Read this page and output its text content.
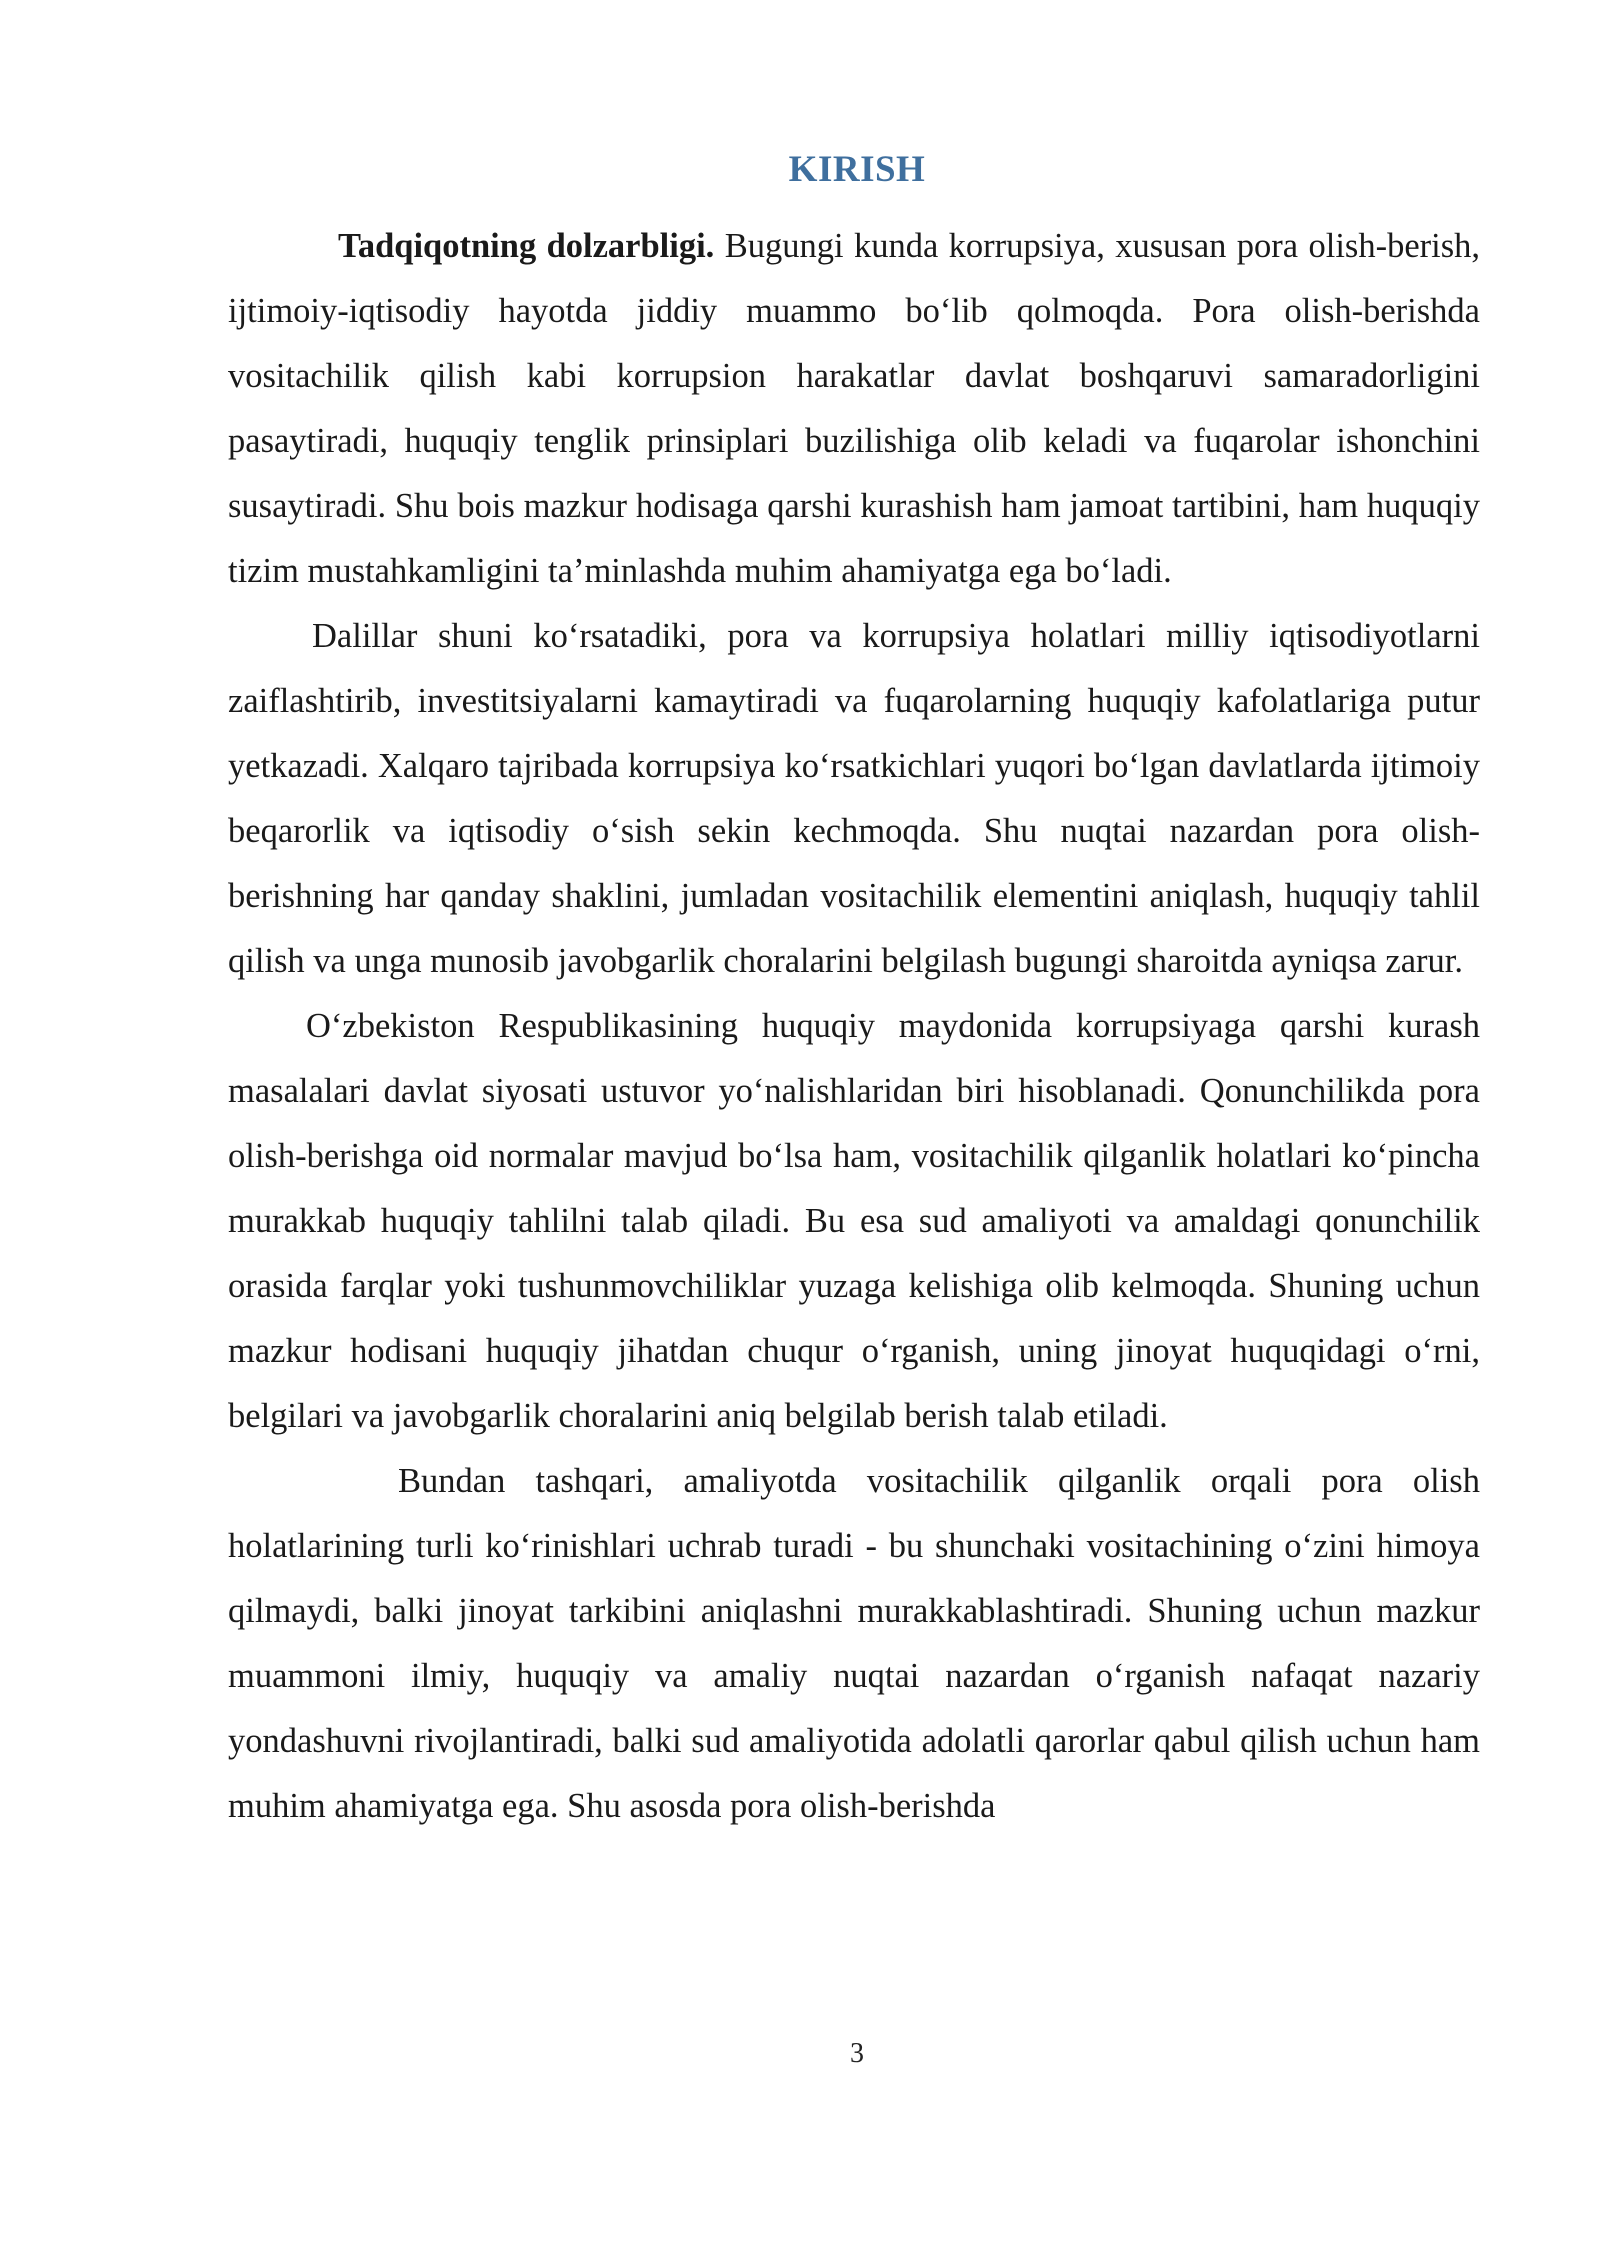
KIRISH

Tadqiqotning dolzarbligi. Bugungi kunda korrupsiya, xususan pora olish-berish, ijtimoiy-iqtisodiy hayotda jiddiy muammo bo‘lib qolmoqda. Pora olish-berishda vositachilik qilish kabi korrupsion harakatlar davlat boshqaruvi samaradorligini pasaytiradi, huquqiy tenglik prinsiplari buzilishiga olib keladi va fuqarolar ishonchini susaytiradi. Shu bois mazkur hodisaga qarshi kurashish ham jamoat tartibini, ham huquqiy tizim mustahkamligini ta’minlashda muhim ahamiyatga ega bo‘ladi.

Dalillar shuni ko‘rsatadiki, pora va korrupsiya holatlari milliy iqtisodiyotlarni zaiflashtirib, investitsiyalarni kamaytiradi va fuqarolarning huquqiy kafolatlariga putur yetkazadi. Xalqaro tajribada korrupsiya ko‘rsatkichlari yuqori bo‘lgan davlatlarda ijtimoiy beqarorlik va iqtisodiy o‘sish sekin kechmoqda. Shu nuqtai nazardan pora olish-berishning har qanday shaklini, jumladan vositachilik elementini aniqlash, huquqiy tahlil qilish va unga munosib javobgarlik choralarini belgilash bugungi sharoitda ayniqsa zarur.

O‘zbekiston Respublikasining huquqiy maydonida korrupsiyaga qarshi kurash masalalari davlat siyosati ustuvor yo‘nalishlaridan biri hisoblanadi. Qonunchilikda pora olish-berishga oid normalar mavjud bo‘lsa ham, vositachilik qilganlik holatlari ko‘pincha murakkab huquqiy tahlilni talab qiladi. Bu esa sud amaliyoti va amaldagi qonunchilik orasida farqlar yoki tushunmovchiliklar yuzaga kelishiga olib kelmoqda. Shuning uchun mazkur hodisani huquqiy jihatdan chuqur o‘rganish, uning jinoyat huquqidagi o‘rni, belgilari va javobgarlik choralarini aniq belgilab berish talab etiladi.

Bundan tashqari, amaliyotda vositachilik qilganlik orqali pora olish holatlarining turli ko‘rinishlari uchrab turadi - bu shunchaki vositachining o‘zini himoya qilmaydi, balki jinoyat tarkibini aniqlashni murakkablashtiradi. Shuning uchun mazkur muammoni ilmiy, huquqiy va amaliy nuqtai nazardan o‘rganish nafaqat nazariy yondashuvni rivojlantiradi, balki sud amaliyotida adolatli qarorlar qabul qilish uchun ham muhim ahamiyatga ega. Shu asosda pora olish-berishda

3
